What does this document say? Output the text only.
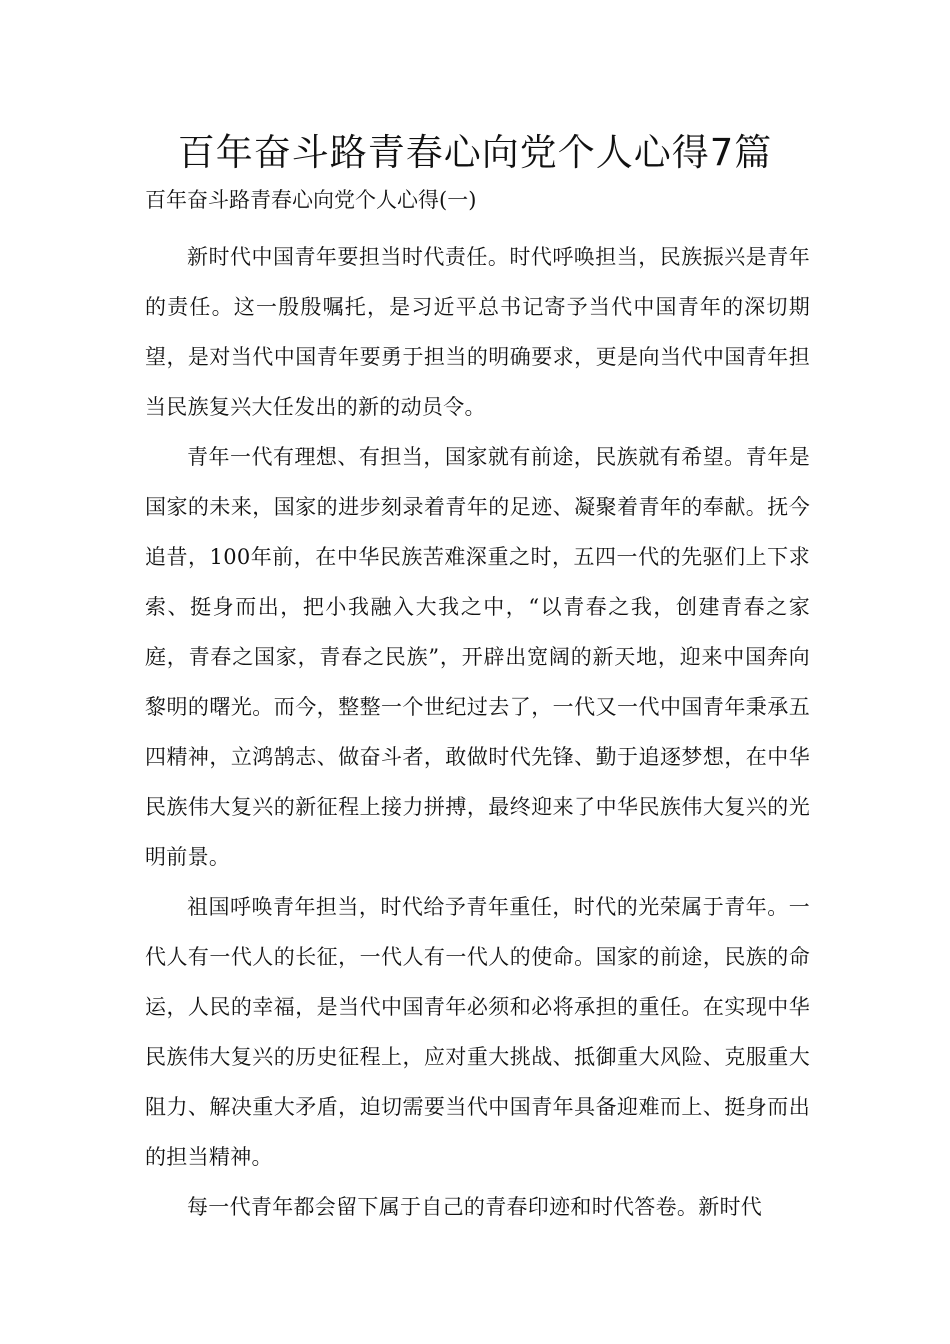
百年奋斗路青春心向党个人心得7篇
百年奋斗路青春心向党个人心得(一)

新时代中国青年要担当时代责任。时代呼唤担当，民族振兴是青年的责任。这一殷殷嘱托，是习近平总书记寄予当代中国青年的深切期望，是对当代中国青年要勇于担当的明确要求，更是向当代中国青年担当民族复兴大任发出的新的动员令。

青年一代有理想、有担当，国家就有前途，民族就有希望。青年是国家的未来，国家的进步刻录着青年的足迹、凝聚着青年的奉献。抚今追昔，100年前，在中华民族苦难深重之时，五四一代的先驱们上下求索、挺身而出，把小我融入大我之中，“以青春之我，创建青春之家庭，青春之国家，青春之民族”，开辟出宽阔的新天地，迎来中国奔向黎明的曙光。而今，整整一个世纪过去了，一代又一代中国青年秉承五四精神，立鸿鹄志、做奋斗者，敢做时代先锋、勤于追逐梦想，在中华民族伟大复兴的新征程上接力拼搏，最终迎来了中华民族伟大复兴的光明前景。

祖国呼唤青年担当，时代给予青年重任，时代的光荣属于青年。一代人有一代人的长征，一代人有一代人的使命。国家的前途，民族的命运，人民的幸福，是当代中国青年必须和必将承担的重任。在实现中华民族伟大复兴的历史征程上，应对重大挑战、抵御重大风险、克服重大阻力、解决重大矛盾，迫切需要当代中国青年具备迎难而上、挺身而出的担当精神。

每一代青年都会留下属于自己的青春印迹和时代答卷。新时代
